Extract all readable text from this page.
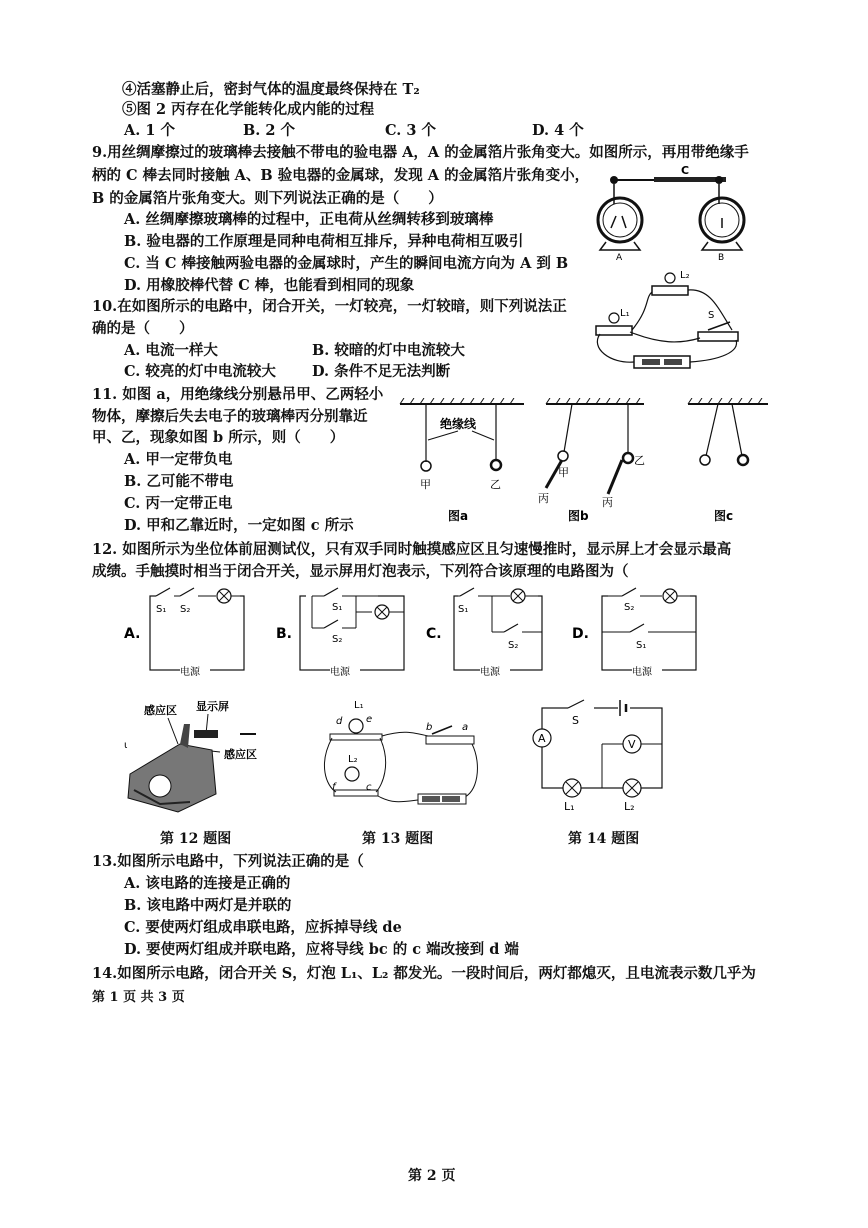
④活塞静止后，密封气体的温度最终保持在 T₂
⑤图 2 丙存在化学能转化成内能的过程
A. 1 个	B. 2 个	C. 3 个	D. 4 个
9.用丝绸摩擦过的玻璃棒去接触不带电的验电器 A，A 的金属箔片张角变大。如图所示，再用带绝缘手
柄的 C 棒去同时接触 A、B 验电器的金属球，发现 A 的金属箔片张角变小，
B 的金属箔片张角变大。则下列说法正确的是（　　）
A. 丝绸摩擦玻璃棒的过程中，正电荷从丝绸转移到玻璃棒
B. 验电器的工作原理是同种电荷相互排斥，异种电荷相互吸引
C. 当 C 棒接触两验电器的金属球时，产生的瞬间电流方向为 A 到 B
D. 用橡胶棒代替 C 棒，也能看到相同的现象
C
A	B
10.在如图所示的电路中，闭合开关，一灯较亮，一灯较暗，则下列说法正
确的是（　　）
A. 电流一样大	B. 较暗的灯中电流较大
C. 较亮的灯中电流较大 D. 条件不足无法判断
L₂
L₁	S
11. 如图 a，用绝缘线分别悬吊甲、乙两轻小
物体，摩擦后失去电子的玻璃棒丙分别靠近
甲、乙，现象如图 b 所示，则（　　）
A. 甲一定带负电
B. 乙可能不带电
C. 丙一定带正电
D. 甲和乙靠近时，一定如图 c 所示
绝缘线
甲	乙
图a
甲
丙
乙
丙
图b	图c
12. 如图所示为坐位体前屈测试仪，只有双手同时触摸感应区且匀速慢推时，显示屏上才会显示最高
成绩。手触摸时相当于闭合开关，显示屏用灯泡表示，下列符合该原理的电路图为（
A.
S₁ S₂
电源
B.
S₁
S₂
电源
C.
S₁
S₂
电源
D.
S₂
S₁
电源
感应区 显示屏
感应区
ι
L₁
d e
L₂
f	c
b	a
S
A	V
L₁	L₂
第 12 题图	第 13 题图	第 14 题图
13.如图所示电路中，下列说法正确的是（
A. 该电路的连接是正确的
B. 该电路中两灯是并联的
C. 要使两灯组成串联电路，应拆掉导线 de
D. 要使两灯组成并联电路，应将导线 bc 的 c 端改接到 d 端
14.如图所示电路，闭合开关 S，灯泡 L₁、L₂ 都发光。一段时间后，两灯都熄灭，且电流表示数几乎为
第 1 页 共 3 页
第 2 页
